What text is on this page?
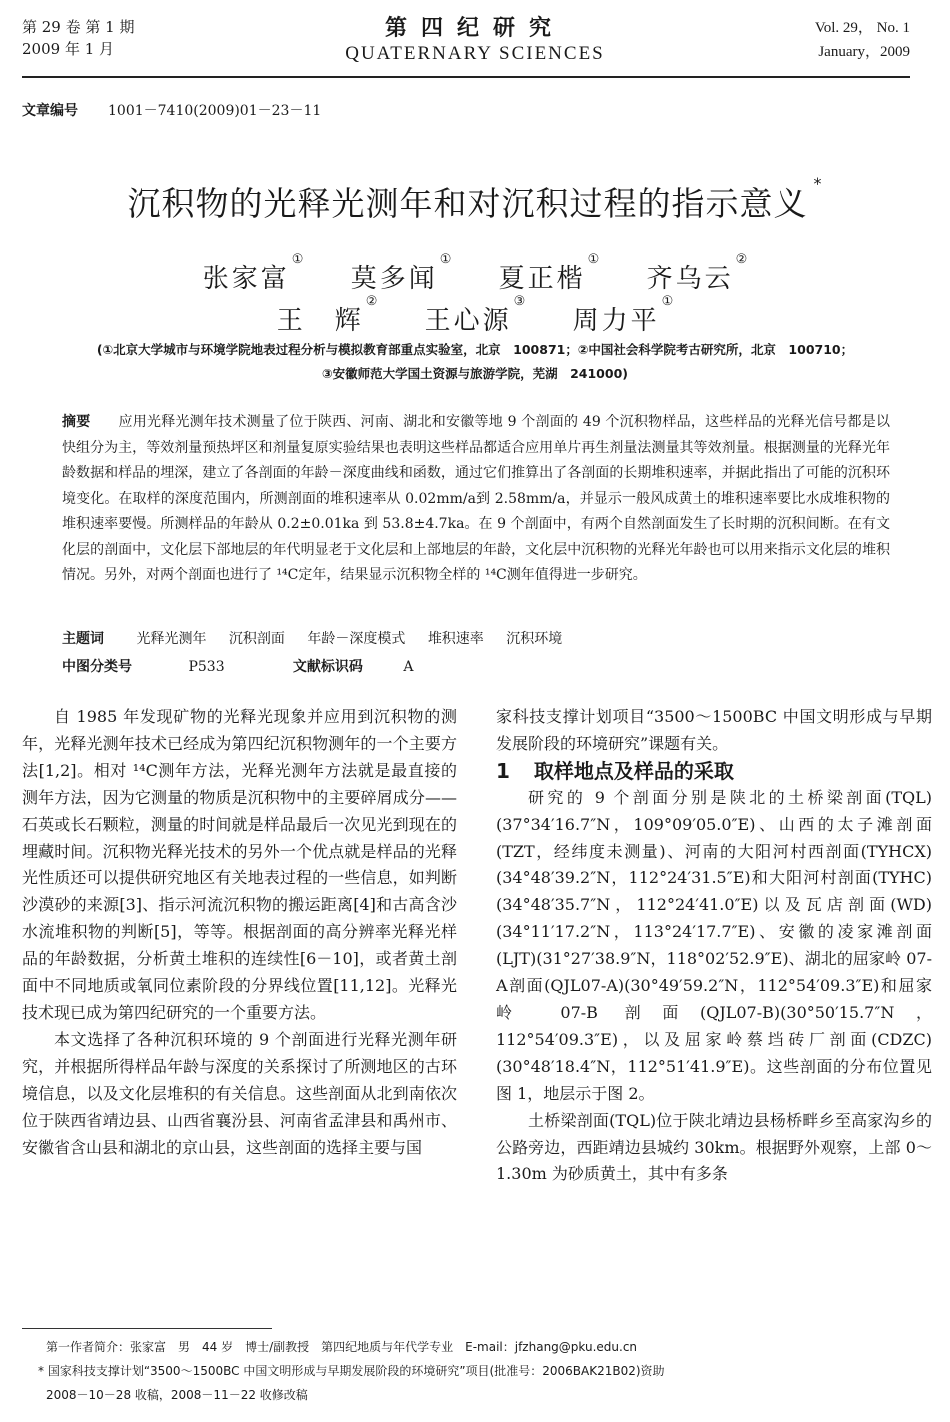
第 29 卷 第 1 期
2009 年 1 月
第四纪研究
QUATERNARY SCIENCES
Vol. 29， No. 1
January，2009
文章编号 1001－7410(2009)01－23－11
沉积物的光释光测年和对沉积过程的指示意义*
张家富① 莫多闻① 夏正楷① 齐乌云②
王　辉② 王心源③ 周力平①
(①北京大学城市与环境学院地表过程分析与模拟教育部重点实验室，北京　100871；②中国社会科学院考古研究所，北京　100710；
③安徽师范大学国土资源与旅游学院，芜湖　241000)
摘要 应用光释光测年技术测量了位于陕西、河南、湖北和安徽等地 9 个剖面的 49 个沉积物样品，这些样品的光释光信号都是以快组分为主，等效剂量预热坪区和剂量复原实验结果也表明这些样品都适合应用单片再生剂量法测量其等效剂量。根据测量的光释光年龄数据和样品的埋深，建立了各剖面的年龄－深度曲线和函数，通过它们推算出了各剖面的长期堆积速率，并据此指出了可能的沉积环境变化。在取样的深度范围内，所测剖面的堆积速率从 0.02mm/a到 2.58mm/a，并显示一般风成黄土的堆积速率要比水成堆积物的堆积速率要慢。所测样品的年龄从 0.2±0.01ka 到 53.8±4.7ka。在 9 个剖面中，有两个自然剖面发生了长时期的沉积间断。在有文化层的剖面中，文化层下部地层的年代明显老于文化层和上部地层的年龄，文化层中沉积物的光释光年龄也可以用来指示文化层的堆积情况。另外，对两个剖面也进行了 ¹⁴C定年，结果显示沉积物全样的 ¹⁴C测年值得进一步研究。
主题词 光释光测年 沉积剖面 年龄－深度模式 堆积速率 沉积环境
中图分类号	P533	文献标识码	A

自 1985 年发现矿物的光释光现象并应用到沉积物的测年，光释光测年技术已经成为第四纪沉积物测年的一个主要方法[1,2]。相对 ¹⁴C测年方法，光释光测年方法就是最直接的测年方法，因为它测量的物质是沉积物中的主要碎屑成分——石英或长石颗粒，测量的时间就是样品最后一次见光到现在的埋藏时间。沉积物光释光技术的另外一个优点就是样品的光释光性质还可以提供研究地区有关地表过程的一些信息，如判断沙漠砂的来源[3]、指示河流沉积物的搬运距离[4]和古高含沙水流堆积物的判断[5]，等等。根据剖面的高分辨率光释光样品的年龄数据，分析黄土堆积的连续性[6－10]，或者黄土剖面中不同地质或氧同位素阶段的分界线位置[11,12]。光释光技术现已成为第四纪研究的一个重要方法。

本文选择了各种沉积环境的 9 个剖面进行光释光测年研究，并根据所得样品年龄与深度的关系探讨了所测地区的古环境信息，以及文化层堆积的有关信息。这些剖面从北到南依次位于陕西省靖边县、山西省襄汾县、河南省孟津县和禹州市、安徽省含山县和湖北的京山县，这些剖面的选择主要与国

家科技支撑计划项目“3500～1500BC 中国文明形成与早期发展阶段的环境研究”课题有关。

1 取样地点及样品的采取

研究的 9 个剖面分别是陕北的土桥梁剖面(TQL)(37°34′16.7″N，109°09′05.0″E)、山西的太子滩剖面(TZT，经纬度未测量)、河南的大阳河村西剖面(TYHCX)(34°48′39.2″N，112°24′31.5″E)和大阳河村剖面(TYHC)(34°48′35.7″N，112°24′41.0″E)以及瓦店剖面(WD)(34°11′17.2″N，113°24′17.7″E)、安徽的凌家滩剖面(LJT)(31°27′38.9″N，118°02′52.9″E)、湖北的屈家岭 07-A剖面(QJL07-A)(30°49′59.2″N，112°54′09.3″E)和屈家岭 07-B 剖面(QJL07-B)(30°50′15.7″N，112°54′09.3″E)，以及屈家岭蔡垱砖厂剖面(CDZC)(30°48′18.4″N，112°51′41.9″E)。这些剖面的分布位置见图 1，地层示于图 2。

土桥梁剖面(TQL)位于陕北靖边县杨桥畔乡至高家沟乡的公路旁边，西距靖边县城约 30km。根据野外观察，上部 0～1.30m 为砂质黄土，其中有多条

第一作者简介：张家富　男　44 岁　博士/副教授　第四纪地质与年代学专业　E-mail：jfzhang@pku.edu.cn
* 国家科技支撑计划“3500～1500BC 中国文明形成与早期发展阶段的环境研究”项目(批准号：2006BAK21B02)资助
2008－10－28 收稿，2008－11－22 收修改稿
